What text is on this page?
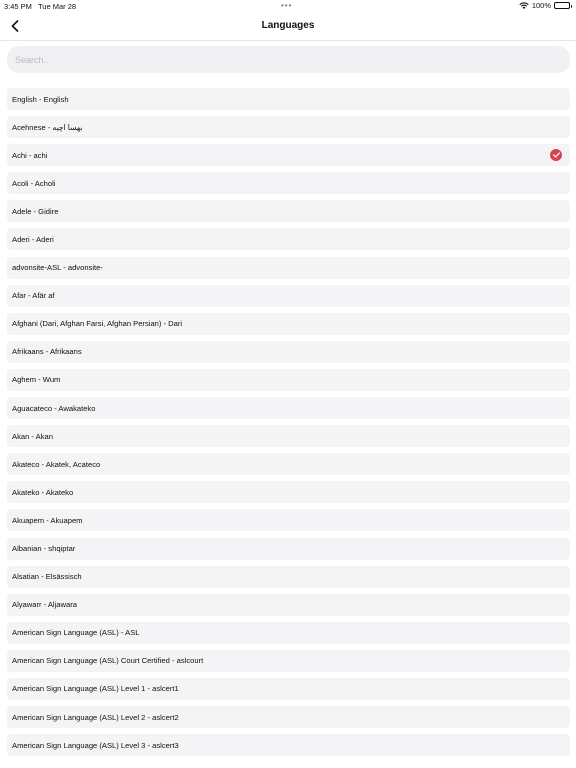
3:45 PM Tue Mar 28	•••	100%
Languages
Search..
English - English
Acehnese - بهسا اچيه
Achi - achi
Acoli - Acholi
Adele - Gidire
Aderi - Aderi
advonsite-ASL - advonsite-
Afar - Afär af
Afghani (Dari, Afghan Farsi, Afghan Persian) - Dari
Afrikaans - Afrikaans
Aghem - Wum
Aguacateco - Awakateko
Akan - Akan
Akateco - Akatek, Acateco
Akateko - Akateko
Akuapem - Akuapem
Albanian - shqiptar
Alsatian - Elsässisch
Alyawarr - Aljawara
American Sign Language (ASL) - ASL
American Sign Language (ASL) Court Certified - aslcourt
American Sign Language (ASL) Level 1 - aslcert1
American Sign Language (ASL) Level 2 - aslcert2
American Sign Language (ASL) Level 3 - aslcert3
